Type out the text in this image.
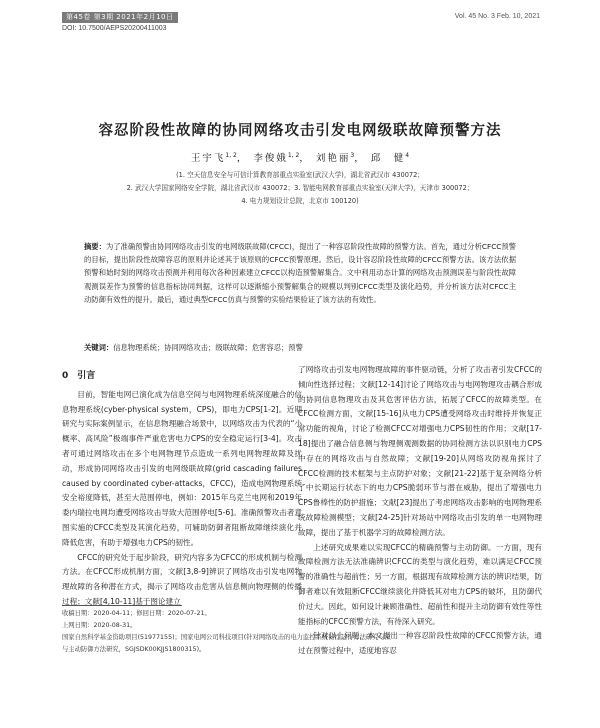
第45卷 第3期 2021年2月10日	Vol. 45 No. 3 Feb. 10, 2021
DOI: 10.7500/AEPS20200411003
容忍阶段性故障的协同网络攻击引发电网级联故障预警方法
王宇飞$^{1, 2}$， 李俊娥$^{1, 2}$， 刘艳丽$^3$， 邱　健$^4$
(1. 空天信息安全与可信计算教育部重点实验室(武汉大学)，湖北省武汉市 430072；
2. 武汉大学国家网络安全学院，湖北省武汉市 430072；3. 智能电网教育部重点实验室(天津大学)，天津市 300072；
4. 电力规划设计总院，北京市 100120)
摘要：为了准确预警由协同网络攻击引发的电网级联故障(CFCC)，提出了一种容忍阶段性故障的预警方法。首先，通过分析CFCC预警的目标，提出阶段性故障容忍的原则并论述其于该原则的CFCC预警原理。然后，设计容忍阶段性故障的CFCC预警方法。该方法依据预警和始时刻的网络攻击预测并利用每次各种因素建立CFCC以构造预警解集合。文中利用动态计算的网络攻击预测误差与阶段性故障观测误差作为预警的信息指标协同判据，这样可以逐渐缩小预警解集合的规模以判别CFCC类型及演化趋势，并分析该方法对CFCC主动防御有效性的提升。最后，通过典型CFCC仿真与预警的实验结果验证了该方法的有效性。
关键词：信息物理系统；协同网络攻击；级联故障；危害容忍；预警
0　 引言

目前，智能电网已演化成为信息空间与电网物理系统深度融合的信息物理系统(cyber-physical system，CPS)，即电力CPS[1-2]。近期研究与实际案例显示，在信息物理融合场景中，以网络攻击为代表的“小概率、高风险”极端事件严重危害电力CPS的安全稳定运行[3-4]。攻击者可通过网络攻击在多个电网物理节点造成一系列电网物理故障及扰动，形成协同网络攻击引发的电网级联故障(grid cascading failures caused by coordinated cyber-attacks，CFCC)，造成电网物理系统安全裕度降低，甚至大范围停电，例如：2015年乌克兰电网和2019年委内瑞拉电网均遭受网络攻击导致大范围停电[5-6]。准确预警攻击者意图实施的CFCC类型及其演化趋势，可辅助防御者阻断故障继续演化并降低危害，有助于增强电力CPS的韧性。

CFCC的研究处于起步阶段，研究内容多为CFCC的形成机制与检测方法。在CFCC形成机制方面，文献[3,8-9]辨识了网络攻击引发电网物理故障的各种潜在方式，揭示了网络攻击危害从信息侧向物理侧的传播过程；文献[4,10-11]基于图论建立

了网络攻击引发电网物理故障的事件驱动链，分析了攻击者引发CFCC的倾向性选择过程；文献[12-14]讨论了网络攻击与电网物理攻击耦合形成的协同信息物理攻击及其危害评估方法，拓展了CFCC的故障类型。在CFCC检测方面，文献[15-16]从电力CPS遭受网络攻击时维持并恢复正常功能的视角，讨论了检测CFCC对增强电力CPS韧性的作用；文献[17-18]提出了融合信息侧与物理侧观测数据的协同检测方法以识别电力CPS中存在的网络攻击与自然故障；文献[19-20]从网络攻防视角探讨了CFCC检测的技术框架与主点防护对象；文献[21-22]基于复杂网络分析了中长期运行状态下的电力CPS脆弱环节与潜在威胁，提出了增强电力CPS鲁棒性的防护措施；文献[23]提出了考虑网络攻击影响的电网物理系统故障检测模型；文献[24-25]针对场站中网络攻击引发的单一电网物理故障，提出了基于机器学习的故障检测方法。

上述研究成果难以实现CFCC的精确预警与主动防御。一方面，现有故障检测方法无法准确辨识CFCC的类型与演化趋势，难以满足CFCC预警的准确性与超前性；另一方面，根据现有故障检测方法的辨识结果，防御者难以有效阻断CFCC继续演化并降低其对电力CPS的破坏，且防御代价过大。因此，如何设计兼顾准确性、超前性和提升主动防御有效性等性能指标的CFCC预警方法，有待深入研究。

针对以上问题，本文提出一种容忍阶段性故障的CFCC预警方法，通过在预警过程中，适度地容忍

收稿日期：2020-04-11；修回日期：2020-07-21。
上网日期：2020-08-31。
国家自然科学基金资助项目(51977155)；国家电网公司科技项目(针对网络攻击的电力监控系统韧性运行方法研究与应
与主动防御方法研究，SGJSDK00KJJS1800315)。
